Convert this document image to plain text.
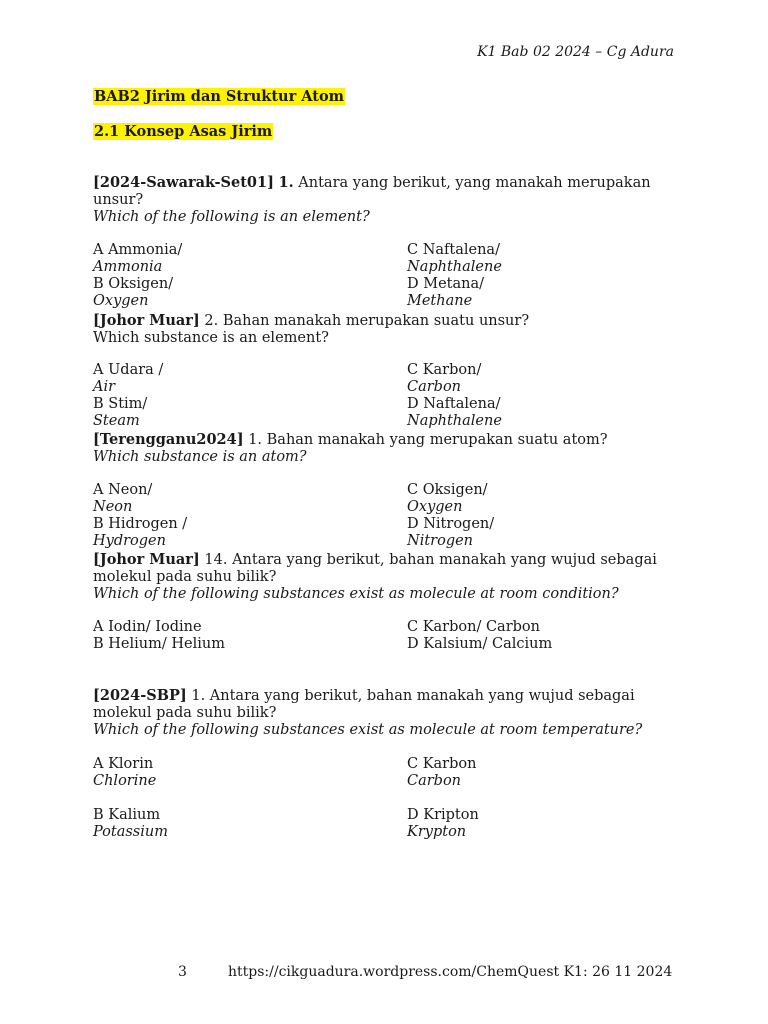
K1 Bab 02 2024 – Cg Adura
BAB2 Jirim dan Struktur Atom
2.1 Konsep Asas Jirim

[2024-Sawarak-Set01] 1. Antara yang berikut, yang manakah merupakan unsur?

Which of the following is an element?

A Ammonia/
Ammonia
C Naftalena/
Naphthalene
B Oksigen/
Oxygen
D Metana/
Methane

[Johor Muar] 2. Bahan manakah merupakan suatu unsur?

Which substance is an element?

A Udara /
Air
C Karbon/
Carbon
B Stim/
Steam
D Naftalena/
Naphthalene

[Terengganu2024] 1. Bahan manakah yang merupakan suatu atom?

Which substance is an atom?

A Neon/
Neon
C Oksigen/
Oxygen
B Hidrogen /
Hydrogen
D Nitrogen/
Nitrogen

[Johor Muar] 14. Antara yang berikut, bahan manakah yang wujud sebagai molekul pada suhu bilik?

Which of the following substances exist as molecule at room condition?

A Iodin/ Iodine	C Karbon/ Carbon
B Helium/ Helium	D Kalsium/ Calcium

[2024-SBP] 1. Antara yang berikut, bahan manakah yang wujud sebagai molekul pada suhu bilik?

Which of the following substances exist as molecule at room temperature?

A Klorin
Chlorine
C Karbon
Carbon
B Kalium
Potassium
D Kripton
Krypton
3	https://cikguadura.wordpress.com/ChemQuest K1: 26 11 2024
